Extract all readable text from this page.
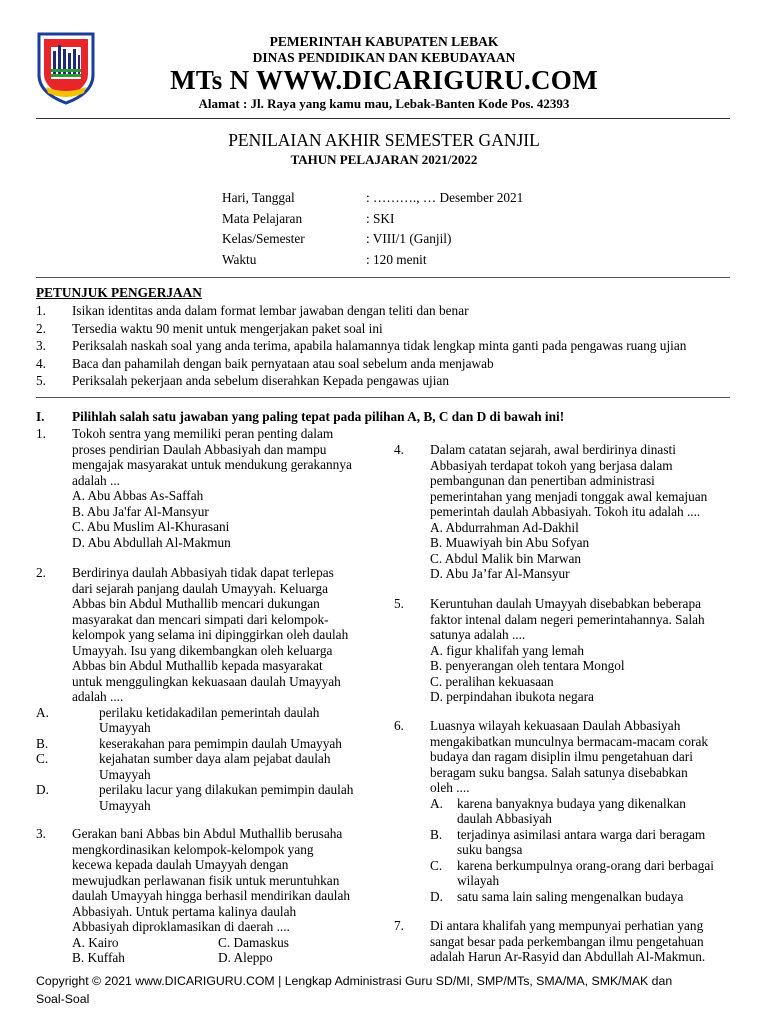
PEMERINTAH KABUPATEN LEBAK
DINAS PENDIDIKAN DAN KEBUDAYAAN
MTs N WWW.DICARIGURU.COM
Alamat : Jl. Raya yang kamu mau, Lebak-Banten Kode Pos. 42393
PENILAIAN AKHIR SEMESTER GANJIL
TAHUN PELAJARAN 2021/2022
Hari, Tanggal	: ………., … Desember 2021
Mata Pelajaran	: SKI
Kelas/Semester	: VIII/1 (Ganjil)
Waktu	: 120 menit
PETUNJUK PENGERJAAN
1.	Isikan identitas anda dalam format lembar jawaban dengan teliti dan benar
2.	Tersedia waktu 90 menit untuk mengerjakan paket soal ini
3.	Periksalah naskah soal yang anda terima, apabila halamannya tidak lengkap minta ganti pada pengawas ruang ujian
4.	Baca dan pahamilah dengan baik pernyataan atau soal sebelum anda menjawab
5.	Periksalah pekerjaan anda sebelum diserahkan Kepada pengawas ujian
I.	Pilihlah salah satu jawaban yang paling tepat pada pilihan A, B, C dan D di bawah ini!
1.	Tokoh sentra yang memiliki peran penting dalam
proses pendirian Daulah Abbasiyah dan mampu
mengajak masyarakat untuk mendukung gerakannya
adalah ...
A. Abu Abbas As-Saffah
B. Abu Ja'far Al-Mansyur
C. Abu Muslim Al-Khurasani
D. Abu Abdullah Al-Makmun
2.	Berdirinya daulah Abbasiyah tidak dapat terlepas
dari sejarah panjang daulah Umayyah. Keluarga
Abbas bin Abdul Muthallib mencari dukungan
masyarakat dan mencari simpati dari kelompok-
kelompok yang selama ini dipinggirkan oleh daulah
Umayyah. Isu yang dikembangkan oleh keluarga
Abbas bin Abdul Muthallib kepada masyarakat
untuk menggulingkan kekuasaan daulah Umayyah
adalah ....
A.	perilaku ketidakadilan pemerintah daulah
Umayyah
B.	keserakahan para pemimpin daulah Umayyah
C.	kejahatan sumber daya alam pejabat daulah
Umayyah
D.	perilaku lacur yang dilakukan pemimpin daulah
Umayyah
3.	Gerakan bani Abbas bin Abdul Muthallib berusaha
mengkordinasikan kelompok-kelompok yang
kecewa kepada daulah Umayyah dengan
mewujudkan perlawanan fisik untuk meruntuhkan
daulah Umayyah hingga berhasil mendirikan daulah
Abbasiyah. Untuk pertama kalinya daulah
Abbasiyah diproklamasikan di daerah ....
A. Kairo	C. Damaskus
B. Kuffah	D. Aleppo
4.	Dalam catatan sejarah, awal berdirinya dinasti
Abbasiyah terdapat tokoh yang berjasa dalam
pembangunan dan penertiban administrasi
pemerintahan yang menjadi tonggak awal kemajuan
pemerintah daulah Abbasiyah. Tokoh itu adalah ....
A. Abdurrahman Ad-Dakhil
B. Muawiyah bin Abu Sofyan
C. Abdul Malik bin Marwan
D. Abu Ja’far Al-Mansyur
5.	Keruntuhan daulah Umayyah disebabkan beberapa
faktor intenal dalam negeri pemerintahannya. Salah
satunya adalah ....
A. figur khalifah yang lemah
B. penyerangan oleh tentara Mongol
C. peralihan kekuasaan
D. perpindahan ibukota negara
6.	Luasnya wilayah kekuasaan Daulah Abbasiyah
mengakibatkan munculnya bermacam-macam corak
budaya dan ragam disiplin ilmu pengetahuan dari
beragam suku bangsa. Salah satunya disebabkan
oleh ....
A.	karena banyaknya budaya yang dikenalkan
daulah Abbasiyah
B.	terjadinya asimilasi antara warga dari beragam
suku bangsa
C.	karena berkumpulnya orang-orang dari berbagai
wilayah
D.	satu sama lain saling mengenalkan budaya
7.	Di antara khalifah yang mempunyai perhatian yang
sangat besar pada perkembangan ilmu pengetahuan
adalah Harun Ar-Rasyid dan Abdullah Al-Makmun.
Copyright © 2021 www.DICARIGURU.COM | Lengkap Administrasi Guru SD/MI, SMP/MTs, SMA/MA, SMK/MAK dan
Soal-Soal
